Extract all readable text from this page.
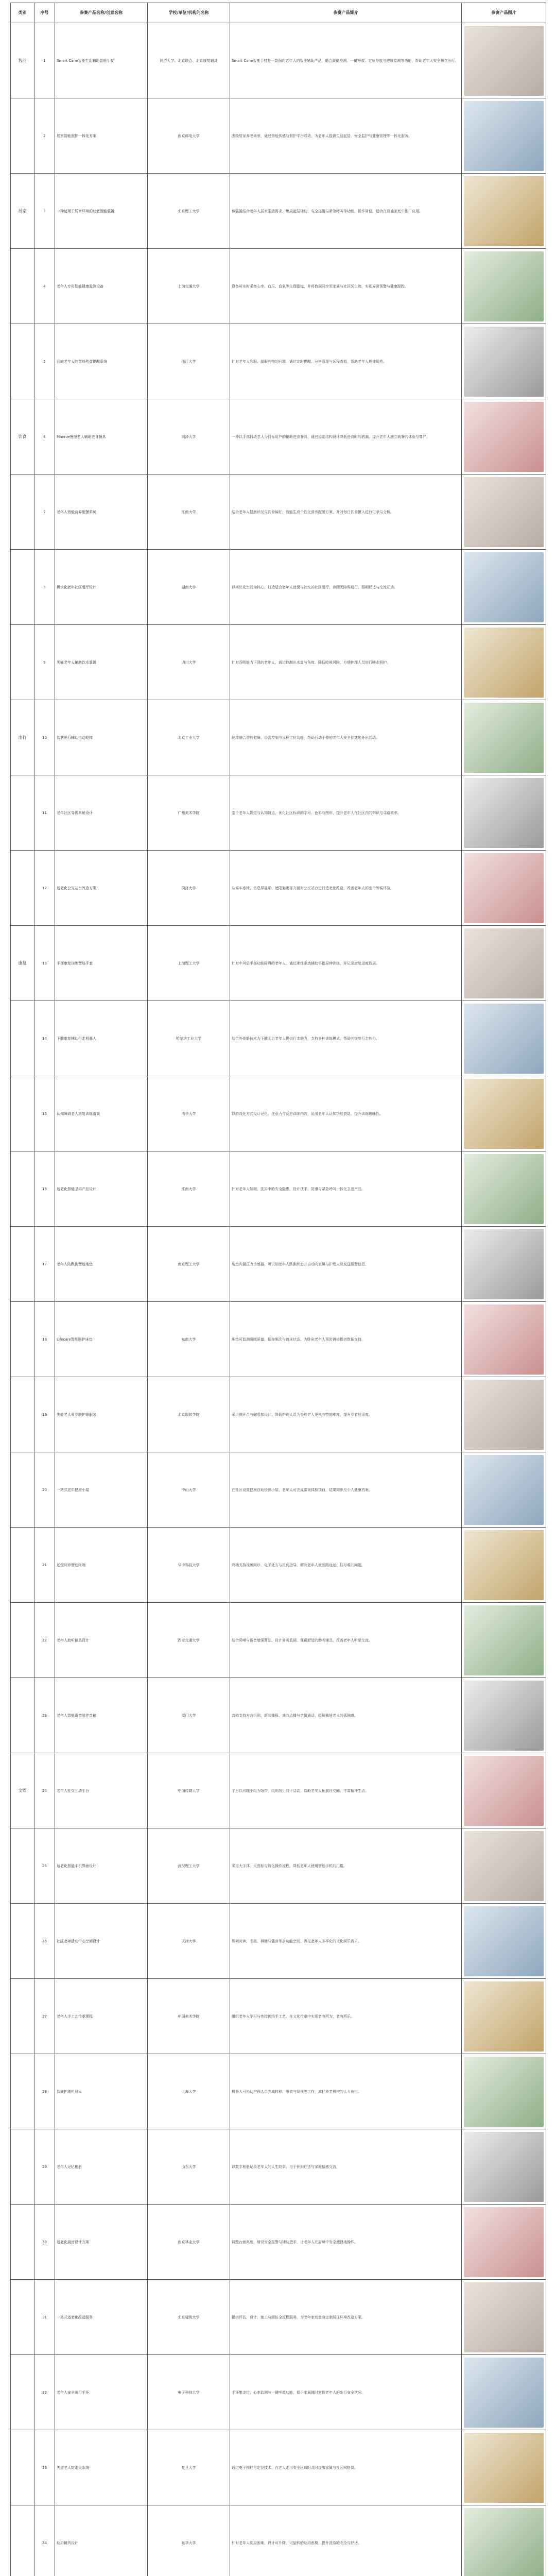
类别	序号	参赛产品名称/创意名称	学校/单位/机构的名称	参赛产品简介	参赛产品图片
智能	1	Smart Cane智能生活辅助智能手杖	同济大学、北京联合、北京康复辅具	Smart Cane智能手杖是一款面向老年人的智能辅助产品，融合跌倒检测、一键呼救、定位导航与健康监测等功能，帮助老年人安全独立出行。	

	2	居家智能照护一体化方案	南京邮电大学	围绕居家养老场景，通过智能传感与照护平台联动，为老年人提供生活起居、安全监护与健康管理等一体化服务。	

居家	3	一种适用于居家环境的助老智能装置	北京理工大学	该装置结合老年人居家生活需求，集成起居辅助、安全提醒与紧急呼叫等功能，操作简便，适合在普通家庭中推广应用。	

	4	老年人专用智能健康监测设备	上海交通大学	设备可实时采集心率、血压、血氧等生理指标，并将数据同步至家属与社区医生端，实现异常预警与健康跟踪。	

	5	面向老年人的智能药盒提醒系统	浙江大学	针对老年人忘服、漏服药物的问题，通过定时提醒、分格管理与远程查看，帮助老年人规律用药。	

饮食	6	Mannie慢慢老人辅助进食餐具	同济大学	一种以手部抖动老人为目标用户的辅助进食餐具，通过稳定结构设计降低进食时的洒漏，提升老年人独立就餐的体验与尊严。	

	7	老年人智能营养配餐系统	江南大学	结合老年人健康状况与饮食偏好，智能生成个性化营养配餐方案，并对每日饮食摄入进行记录与分析。	

	8	模块化老年社区餐厅设计	湖南大学	以模块化空间为核心，打造适合老年人就餐与社交的社区餐厅，兼顾无障碍通行、照明舒适与交流互动。	

	9	失能老年人辅助饮水装置	四川大学	针对吞咽能力下降的老年人，通过控制出水量与角度，降低呛咳风险，方便护理人员进行喂水照护。	

出行	10	智慧出行辅助电动轮椅	北京工业大学	轮椅融合智能避障、语音控制与远程定位功能，帮助行动不便的老年人安全便捷地外出活动。	

	11	老年社区导视系统设计	广州美术学院	基于老年人视觉与认知特点，优化社区标识的字号、色彩与图形，提升老年人在社区内的辨识与寻路效率。	

	12	适老化公交站台改造方案	同济大学	从候车座椅、信息屏显示、遮阳避雨等方面对公交站台进行适老化改造，改善老年人的出行等候体验。	

康复	13	手部康复训练智能手套	上海理工大学	针对中风后手部功能障碍的老年人，通过柔性驱动辅助手指屈伸训练，并记录康复进度数据。	

	14	下肢康复辅助行走机器人	哈尔滨工业大学	结合外骨骼技术为下肢无力老年人提供行走助力，支持多种训练模式，帮助其恢复行走能力。	

	15	认知障碍老人康复训练游戏	清华大学	以游戏化方式设计记忆、注意力与反应训练内容，延缓老年人认知功能衰退，提升训练趣味性。	

	16	适老化智能卫浴产品设计	江南大学	针对老年人如厕、洗浴中的安全隐患，设计扶手、防滑与紧急呼叫一体化卫浴产品。	

	17	老年人防跌倒智能地垫	南京理工大学	地垫内置压力传感器，可识别老年人跌倒状态并自动向家属与护理人员发送报警信息。	

	18	Lifecare智能照护床垫	东南大学	床垫可监测睡眠质量、翻身频次与离床状态，为卧床老年人预防褥疮提供数据支持。	

	19	失能老人易穿脱护理服装	北京服装学院	采用侧开合与磁吸扣设计，降低护理人员为失能老人更换衣物的难度，提升穿着舒适度。	

	20	一站式老年健康小屋	中山大学	在社区设置健康自助检测小屋，老年人可完成常规体检项目，结果同步至个人健康档案。	

	21	远程问诊智能终端	华中科技大学	终端支持视频问诊、电子处方与用药指导，解决老年人就医路途远、挂号难的问题。	

	22	老年人助听辅具设计	西安交通大学	结合降噪与语音增强算法，设计外观低调、佩戴舒适的助听辅具，改善老年人听觉交流。	

	23	老年人智能语音陪伴音箱	厦门大学	音箱支持方言识别、新闻播报、戏曲点播与亲情通话，缓解独居老人的孤独感。	

文娱	24	老年人社交互动平台	中国传媒大学	平台以兴趣小组为纽带，组织线上线下活动，帮助老年人拓展社交圈、丰富精神生活。	

	25	适老化智能手机界面设计	武汉理工大学	采用大字体、大图标与简化操作流程，降低老年人使用智能手机的门槛。	

	26	社区老年活动中心空间设计	天津大学	规划阅读、书画、棋牌与健身等多功能空间，满足老年人多样化的文化娱乐需求。	

	27	老年人手工艺传承课程	中国美术学院	组织老年人学习与传授传统手工艺，在文化传承中实现老有所为、老有所乐。	

	28	智能护理机器人	上海大学	机器人可协助护理人员完成转移、喂食与巡视等工作，减轻养老机构的人力负担。	

	29	老年人记忆相册	山东大学	以数字相册记录老年人的人生故事，用于怀旧疗法与家庭情感交流。	

	30	适老化厨房设计方案	南京林业大学	调整台面高度、增设安全报警与辅助把手，让老年人在厨房中安全便捷地操作。	

	31	一站式适老化改造服务	北京建筑大学	提供评估、设计、施工与回访全流程服务，为老年家庭量身定制居住环境改造方案。	

	32	老年人安全出行手环	电子科技大学	手环集定位、心率监测与一键呼救功能，便于家属随时掌握老年人的出行安全状况。	

	33	失智老人防走失系统	复旦大学	通过电子围栏与定位技术，在老人走出安全区域时及时提醒家属与社区网格员。	

	34	助浴辅具设计	东华大学	针对老年人洗浴困难，设计可升降、可旋转的助浴座椅，提升洗浴的安全与舒适。	
